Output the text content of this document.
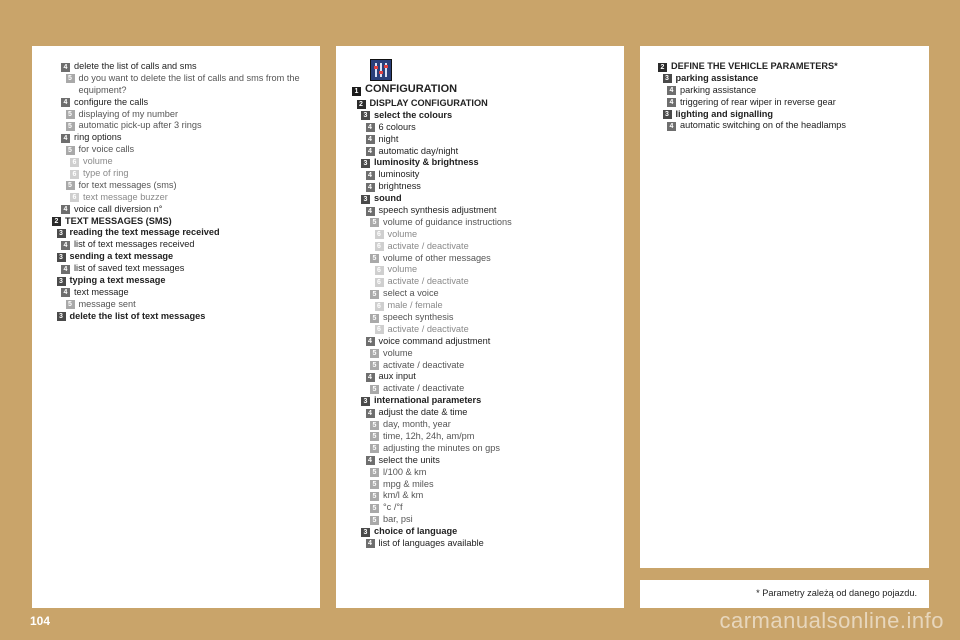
4 delete the list of calls and sms
5 do you want to delete the list of calls and sms from the equipment?
4 configure the calls
5 displaying of my number
5 automatic pick-up after 3 rings
4 ring options
5 for voice calls
6 volume
6 type of ring
5 for text messages (sms)
6 text message buzzer
4 voice call diversion n°
2 TEXT MESSAGES (SMS)
3 reading the text message received
4 list of text messages received
3 sending a text message
4 list of saved text messages
3 typing a text message
4 text message
5 message sent
3 delete the list of text messages
1 CONFIGURATION
2 DISPLAY CONFIGURATION
3 select the colours
4 6 colours
4 night
4 automatic day/night
3 luminosity & brightness
4 luminosity
4 brightness
3 sound
4 speech synthesis adjustment
5 volume of guidance instructions
6 volume
6 activate / deactivate
5 volume of other messages
6 volume
6 activate / deactivate
5 select a voice
6 male / female
5 speech synthesis
6 activate / deactivate
4 voice command adjustment
5 volume
5 activate / deactivate
4 aux input
5 activate / deactivate
3 international parameters
4 adjust the date & time
5 day, month, year
5 time, 12h, 24h, am/pm
5 adjusting the minutes on gps
4 select the units
5 l/100 & km
5 mpg & miles
5 km/l & km
5 °c /°f
5 bar, psi
3 choice of language
4 list of languages available
2 DEFINE THE VEHICLE PARAMETERS*
3 parking assistance
4 parking assistance
4 triggering of rear wiper in reverse gear
3 lighting and signalling
4 automatic switching on of the headlamps
* Parametry zależą od danego pojazdu.
104	carmanualsonline.info
